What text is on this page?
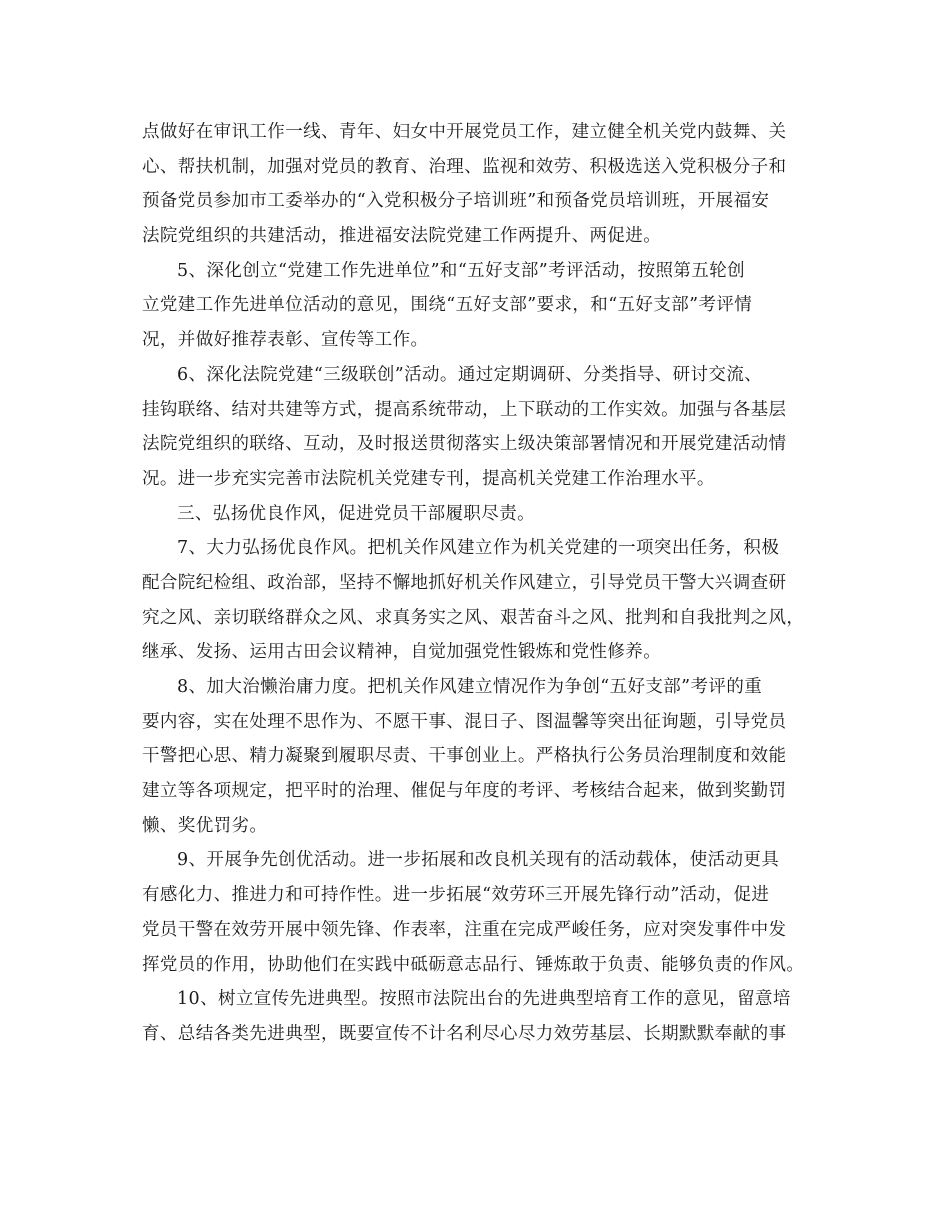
点做好在审讯工作一线、青年、妇女中开展党员工作，建立健全机关党内鼓舞、关
心、帮扶机制，加强对党员的教育、治理、监视和效劳、积极选送入党积极分子和
预备党员参加市工委举办的“入党积极分子培训班”和预备党员培训班，开展福安
法院党组织的共建活动，推进福安法院党建工作两提升、两促进。
5、深化创立“党建工作先进单位”和“五好支部”考评活动，按照第五轮创
立党建工作先进单位活动的意见，围绕“五好支部”要求，和“五好支部”考评情
况，并做好推荐表彰、宣传等工作。
6、深化法院党建“三级联创”活动。通过定期调研、分类指导、研讨交流、
挂钩联络、结对共建等方式，提高系统带动，上下联动的工作实效。加强与各基层
法院党组织的联络、互动，及时报送贯彻落实上级决策部署情况和开展党建活动情
况。进一步充实完善市法院机关党建专刊，提高机关党建工作治理水平。
三、弘扬优良作风，促进党员干部履职尽责。
7、大力弘扬优良作风。把机关作风建立作为机关党建的一项突出任务，积极
配合院纪检组、政治部，坚持不懈地抓好机关作风建立，引导党员干警大兴调查研
究之风、亲切联络群众之风、求真务实之风、艰苦奋斗之风、批判和自我批判之风，
继承、发扬、运用古田会议精神，自觉加强党性锻炼和党性修养。
8、加大治懒治庸力度。把机关作风建立情况作为争创“五好支部”考评的重
要内容，实在处理不思作为、不愿干事、混日子、图温馨等突出征询题，引导党员
干警把心思、精力凝聚到履职尽责、干事创业上。严格执行公务员治理制度和效能
建立等各项规定，把平时的治理、催促与年度的考评、考核结合起来，做到奖勤罚
懒、奖优罚劣。
9、开展争先创优活动。进一步拓展和改良机关现有的活动载体，使活动更具
有感化力、推进力和可持作性。进一步拓展“效劳环三开展先锋行动”活动，促进
党员干警在效劳开展中领先锋、作表率，注重在完成严峻任务，应对突发事件中发
挥党员的作用，协助他们在实践中砥砺意志品行、锤炼敢于负责、能够负责的作风。
10、树立宣传先进典型。按照市法院出台的先进典型培育工作的意见，留意培
育、总结各类先进典型，既要宣传不计名利尽心尽力效劳基层、长期默默奉献的事
